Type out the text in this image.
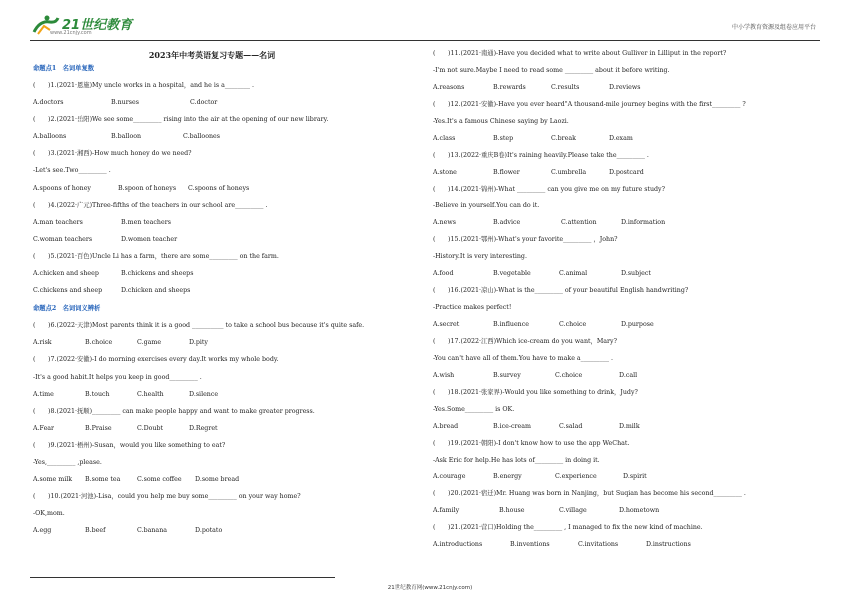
21世纪教育
www.21cnjy.com
中小学教育资源及组卷应用平台
2023年中考英语复习专题——名词
命题点1　名词单复数
(　　)1.(2021·恩施)My uncle works in a hospital，and he is a________ .
A.doctors	B.nurses	C.doctor
(　　)2.(2021·岳阳)We see some_________ rising into the air at the opening of our new library.
A.balloons	B.balloon	C.balloones
(　　)3.(2021·湘西)-How much honey do we need?
-Let's see.Two_________ .
A.spoons of honey	B.spoon of honeys	C.spoons of honeys
(　　)4.(2022·广元)Three-fifths of the teachers in our school are_________ .
A.man teachers	B.men teachers
C.woman teachers	D.women teacher
(　　)5.(2021·百色)Uncle Li has a farm，there are some_________ on the farm.
A.chicken and sheep	B.chickens and sheeps
C.chickens and sheep	D.chicken and sheeps
命题点2　名词词义辨析
(　　)6.(2022·天津)Most parents think it is a good __________ to take a school bus because it's quite safe.
A.risk	B.choice	C.game	D.pity
(　　)7.(2022·安徽)-I do morning exercises every day.It works my whole body.
-It's a good habit.It helps you keep in good_________ .
A.time	B.touch	C.health	D.silence
(　　)8.(2021·抚顺)_________ can make people happy and want to make greater progress.
A.Fear	B.Praise	C.Doubt	D.Regret
(　　)9.(2021·梧州)-Susan，would you like something to eat?
-Yes,_________ ,please.
A.some milk	B.some tea	C.some coffee	D.some bread
(　　)10.(2021·河池)-Lisa，could you help me buy some_________ on your way home?
-OK,mom.
A.egg	B.beef	C.banana	D.potato
(　　)11.(2021·南通)-Have you decided what to write about Gulliver in Lilliput in the report?
-I'm not sure.Maybe I need to read some _________ about it before writing.
A.reasons	B.rewards	C.results	D.reviews
(　　)12.(2021·安徽)-Have you ever heard"A thousand-mile journey begins with the first_________ ?
-Yes.It's a famous Chinese saying by Laozi.
A.class	B.step	C.break	D.exam
(　　)13.(2022·重庆B卷)It's raining heavily.Please take the_________ .
A.stone	B.flower	C.umbrella	D.postcard
(　　)14.(2021·锦州)-What _________ can you give me on my future study?
-Believe in yourself.You can do it.
A.news	B.advice	C.attention	D.information
(　　)15.(2021·鄂州)-What's your favorite_________ ，John?
-History.It is very interesting.
A.food	B.vegetable	C.animal	D.subject
(　　)16.(2021·凉山)-What is the_________ of your beautiful English handwriting?
-Practice makes perfect!
A.secret	B.influence	C.choice	D.purpose
(　　)17.(2022·江西)Which ice-cream do you want，Mary?
-You can't have all of them.You have to make a_________ .
A.wish	B.survey	C.choice	D.call
(　　)18.(2021·张家界)-Would you like something to drink，Judy?
-Yes.Some_________ is OK.
A.bread	B.ice-cream	C.salad	D.milk
(　　)19.(2021·朝阳)-I don't know how to use the app WeChat.
-Ask Eric for help.He has lots of_________ in doing it.
A.courage	B.energy	C.experience	D.spirit
(　　)20.(2021·宿迁)Mr. Huang was born in Nanjing，but Suqian has become his second_________ .
A.family	B.house	C.village	D.hometown
(　　)21.(2021·营口)Holding the_________ , I managed to fix the new kind of machine.
A.introductions	B.inventions	C.invitations	D.instructions
21世纪教育网(www.21cnjy.com)
